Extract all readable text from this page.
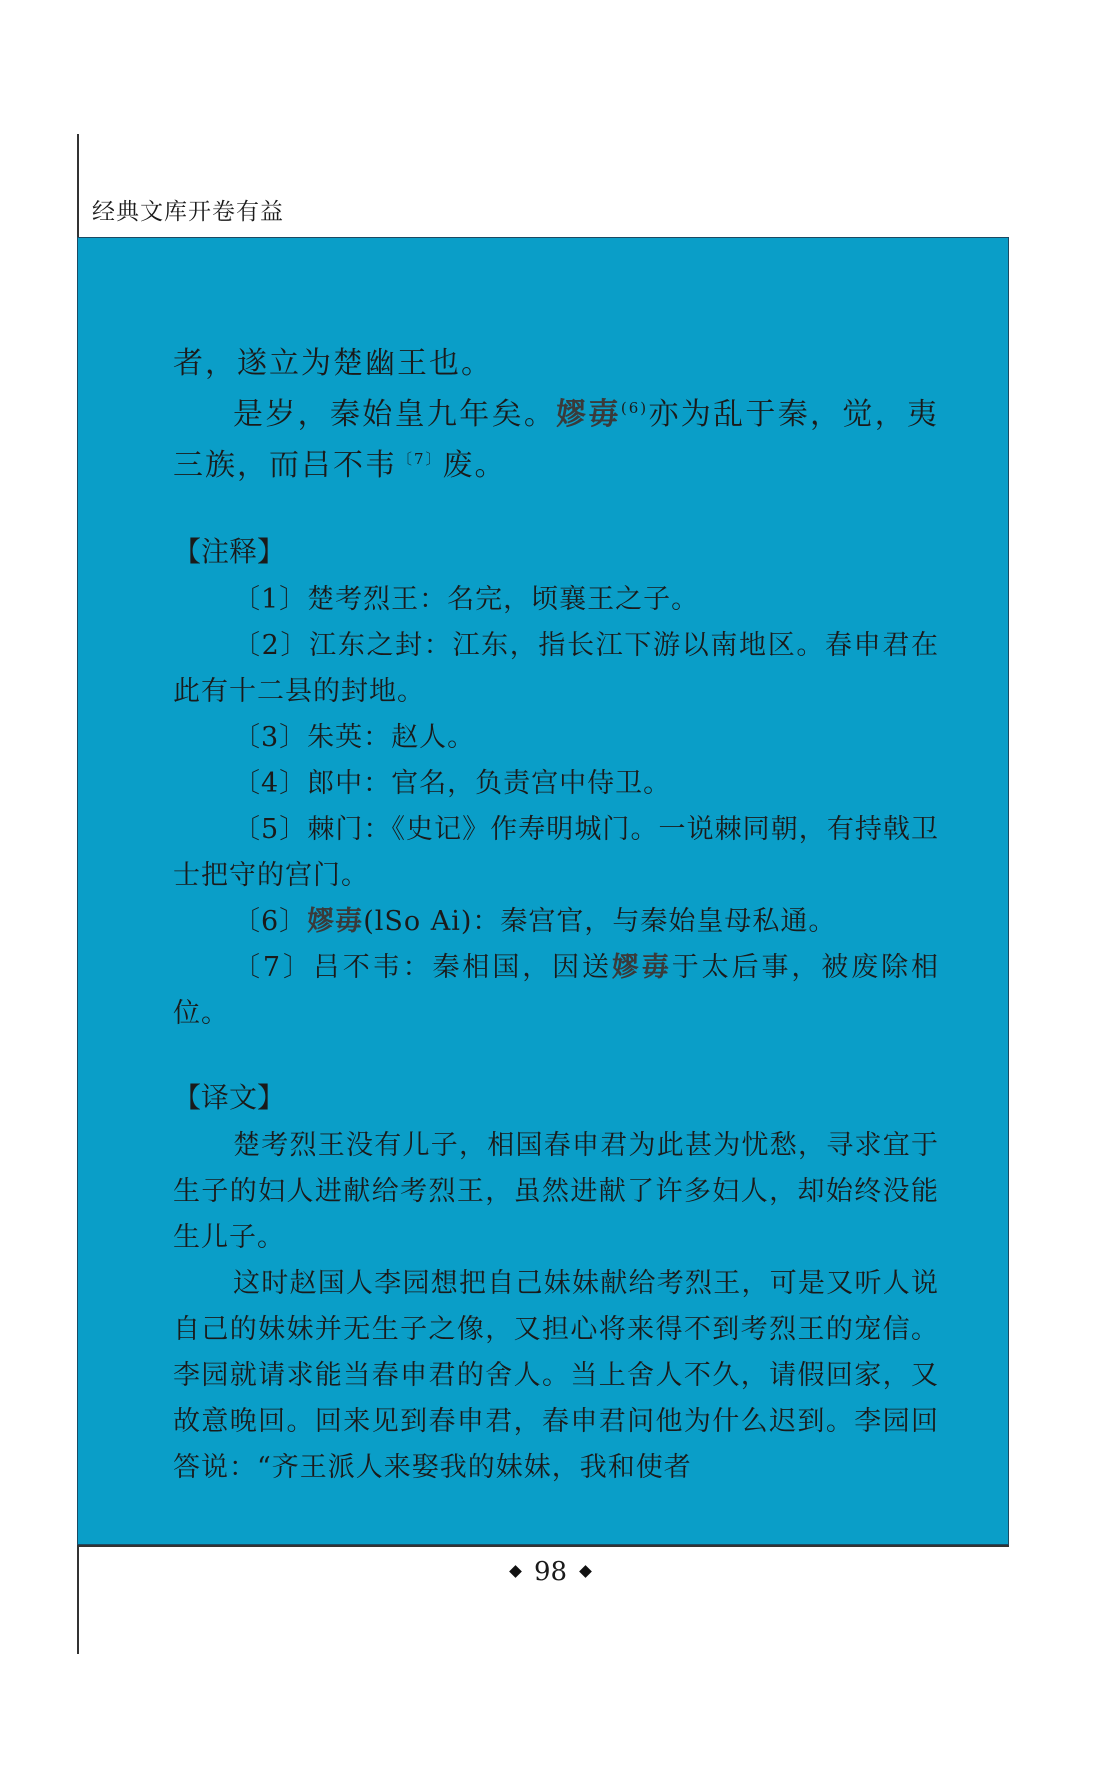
经典文库开卷有益

者，遂立为楚幽王也。

是岁，秦始皇九年矣。嫪毐$^{(6)}$亦为乱于秦，觉，夷三族，而吕不韦$^{〔7〕}$废。

【注释】

〔1〕楚考烈王：名完，顷襄王之子。

〔2〕江东之封：江东，指长江下游以南地区。春申君在此有十二县的封地。

〔3〕朱英：赵人。

〔4〕郎中：官名，负责宫中侍卫。

〔5〕棘门：《史记》作寿明城门。一说棘同朝，有持戟卫士把守的宫门。

〔6〕嫪毐(lSo Ai)：秦宫官，与秦始皇母私通。

〔7〕吕不韦：秦相国，因送嫪毐于太后事，被废除相位。

【译文】

楚考烈王没有儿子，相国春申君为此甚为忧愁，寻求宜于生子的妇人进献给考烈王，虽然进献了许多妇人，却始终没能生儿子。

这时赵国人李园想把自己妹妹献给考烈王，可是又听人说自己的妹妹并无生子之像，又担心将来得不到考烈王的宠信。李园就请求能当春申君的舍人。当上舍人不久，请假回家，又故意晚回。回来见到春申君，春申君问他为什么迟到。李园回答说：“齐王派人来娶我的妹妹，我和使者

98
